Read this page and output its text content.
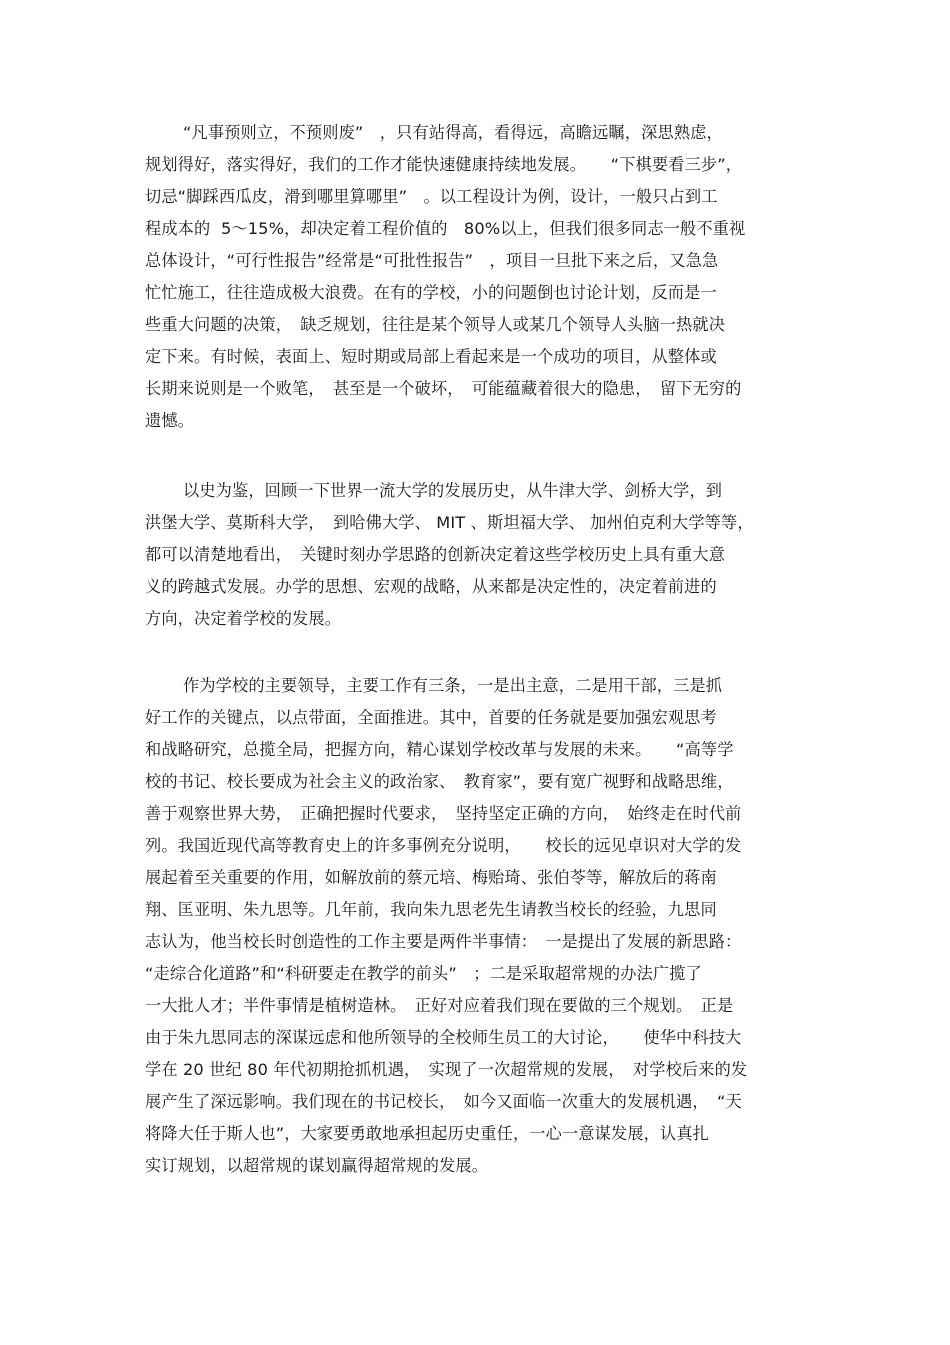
“凡事预则立，不预则废”　，只有站得高，看得远，高瞻远瞩，深思熟虑，
规划得好，落实得好，我们的工作才能快速健康持续地发展。　　“下棋要看三步”，
切忌“脚踩西瓜皮，滑到哪里算哪里”　。以工程设计为例，设计，一般只占到工
程成本的  5～15%，却决定着工程价值的　80%以上，但我们很多同志一般不重视
总体设计，“可行性报告”经常是“可批性报告”　，项目一旦批下来之后，又急急
忙忙施工，往往造成极大浪费。在有的学校，小的问题倒也讨论计划，反而是一
些重大问题的决策，　缺乏规划，往往是某个领导人或某几个领导人头脑一热就决
定下来。有时候，表面上、短时期或局部上看起来是一个成功的项目，从整体或
长期来说则是一个败笔，　甚至是一个破坏，　可能蕴藏着很大的隐患，　留下无穷的
遗憾。
以史为鉴，回顾一下世界一流大学的发展历史，从牛津大学、剑桥大学，到
洪堡大学、莫斯科大学，　到哈佛大学、 MIT 、斯坦福大学、 加州伯克利大学等等，
都可以清楚地看出，　关键时刻办学思路的创新决定着这些学校历史上具有重大意
义的跨越式发展。办学的思想、宏观的战略，从来都是决定性的，决定着前进的
方向，决定着学校的发展。
作为学校的主要领导，主要工作有三条，一是出主意，二是用干部，三是抓
好工作的关键点，以点带面，全面推进。其中，首要的任务就是要加强宏观思考
和战略研究，总揽全局，把握方向，精心谋划学校改革与发展的未来。　　“高等学
校的书记、校长要成为社会主义的政治家、　教育家”，要有宽广视野和战略思维，
善于观察世界大势，　正确把握时代要求，　坚持坚定正确的方向，　始终走在时代前
列。我国近现代高等教育史上的许多事例充分说明，　　校长的远见卓识对大学的发
展起着至关重要的作用，如解放前的蔡元培、梅贻琦、张伯苓等，解放后的蒋南
翔、匡亚明、朱九思等。几年前，我向朱九思老先生请教当校长的经验，九思同
志认为，他当校长时创造性的工作主要是两件半事情：　一是提出了发展的新思路：
“走综合化道路”和“科研要走在教学的前头”　；二是采取超常规的办法广揽了
一大批人才；半件事情是植树造林。　正好对应着我们现在要做的三个规划。　正是
由于朱九思同志的深谋远虑和他所领导的全校师生员工的大讨论，　　使华中科技大
学在 20 世纪 80 年代初期抢抓机遇，　实现了一次超常规的发展，　对学校后来的发
展产生了深远影响。我们现在的书记校长，　如今又面临一次重大的发展机遇，　“天
将降大任于斯人也”，大家要勇敢地承担起历史重任，一心一意谋发展，认真扎
实订规划，以超常规的谋划赢得超常规的发展。
